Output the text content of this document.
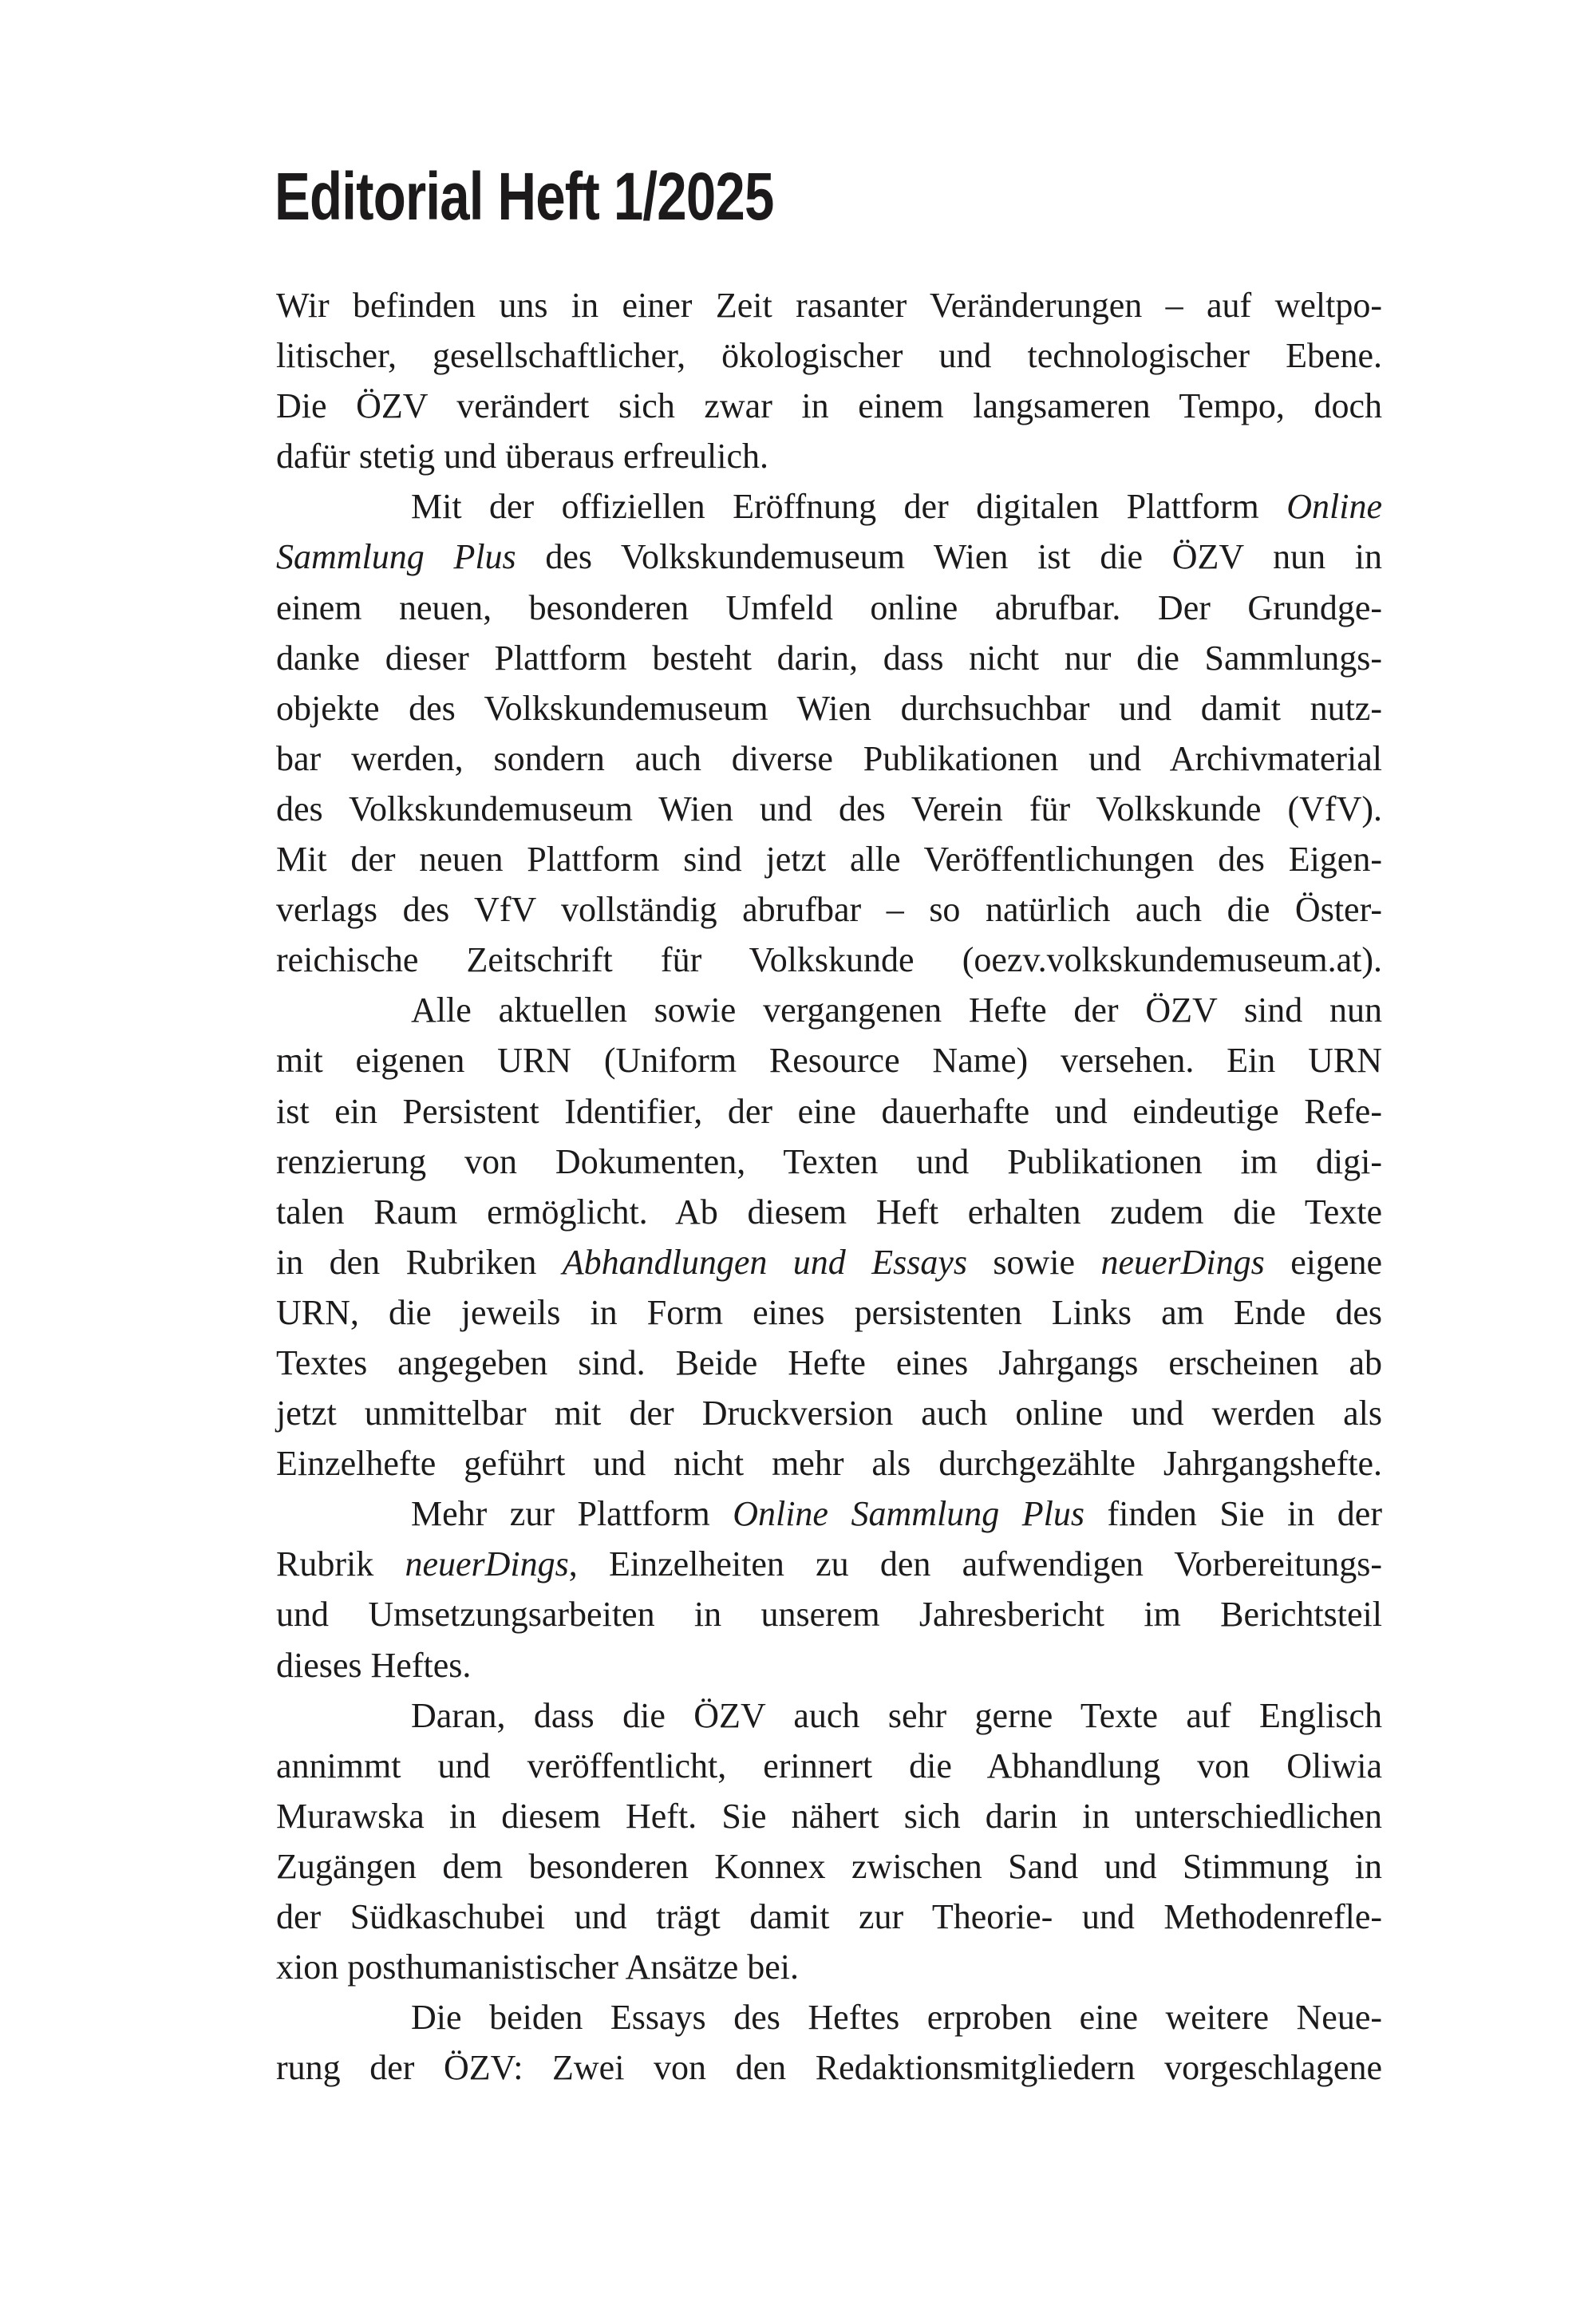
Editorial Heft 1/2025
Wir befinden uns in einer Zeit rasanter Veränderungen – auf weltpo-
litischer, gesellschaftlicher, ökologischer und technologischer Ebene.
Die ÖZV verändert sich zwar in einem langsameren Tempo, doch
dafür stetig und überaus erfreulich.
Mit der offiziellen Eröffnung der digitalen Plattform Online
Sammlung Plus des Volkskundemuseum Wien ist die ÖZV nun in
einem neuen, besonderen Umfeld online abrufbar. Der Grundge-
danke dieser Plattform besteht darin, dass nicht nur die Sammlungs-
objekte des Volkskundemuseum Wien durchsuchbar und damit nutz-
bar werden, sondern auch diverse Publikationen und Archivmaterial
des Volkskundemuseum Wien und des Verein für Volkskunde (VfV).
Mit der neuen Plattform sind jetzt alle Veröffentlichungen des Eigen-
verlags des VfV vollständig abrufbar – so natürlich auch die Öster-
reichische Zeitschrift für Volkskunde (oezv.volkskundemuseum.at).
Alle aktuellen sowie vergangenen Hefte der ÖZV sind nun
mit eigenen URN (Uniform Resource Name) versehen. Ein URN
ist ein Persistent Identifier, der eine dauerhafte und eindeutige Refe-
renzierung von Dokumenten, Texten und Publikationen im digi-
talen Raum ermöglicht. Ab diesem Heft erhalten zudem die Texte
in den Rubriken Abhandlungen und Essays sowie neuerDings eigene
URN, die jeweils in Form eines persistenten Links am Ende des
Textes angegeben sind. Beide Hefte eines Jahrgangs erscheinen ab
jetzt unmittelbar mit der Druckversion auch online und werden als
Einzelhefte geführt und nicht mehr als durchgezählte Jahrgangshefte.
Mehr zur Plattform Online Sammlung Plus finden Sie in der
Rubrik neuerDings, Einzelheiten zu den aufwendigen Vorbereitungs-
und Umsetzungsarbeiten in unserem Jahresbericht im Berichtsteil
dieses Heftes.
Daran, dass die ÖZV auch sehr gerne Texte auf Englisch
annimmt und veröffentlicht, erinnert die Abhandlung von Oliwia
Murawska in diesem Heft. Sie nähert sich darin in unterschiedlichen
Zugängen dem besonderen Konnex zwischen Sand und Stimmung in
der Südkaschubei und trägt damit zur Theorie- und Methodenrefle-
xion posthumanistischer Ansätze bei.
Die beiden Essays des Heftes erproben eine weitere Neue-
rung der ÖZV: Zwei von den Redaktionsmitgliedern vorgeschlagene
